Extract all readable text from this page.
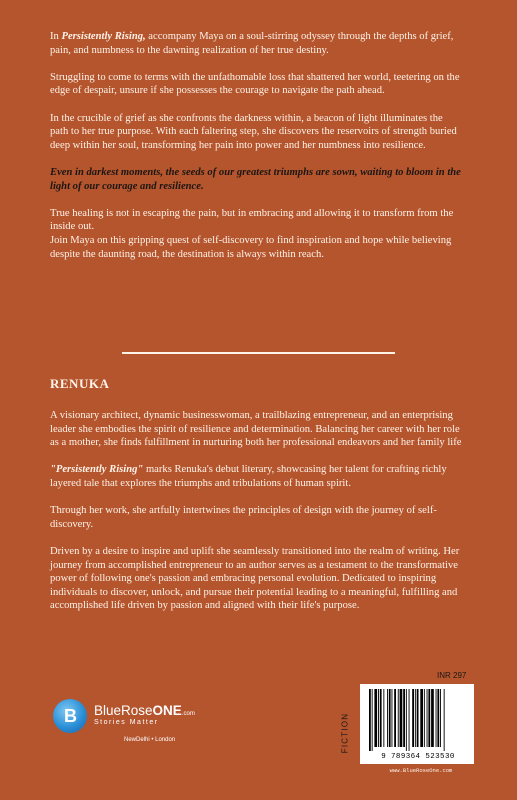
In Persistently Rising, accompany Maya on a soul-stirring odyssey through the depths of grief, pain, and numbness to the dawning realization of her true destiny.

Struggling to come to terms with the unfathomable loss that shattered her world, teetering on the edge of despair, unsure if she possesses the courage to navigate the path ahead.

In the crucible of grief as she confronts the darkness within, a beacon of light illuminates the path to her true purpose. With each faltering step, she discovers the reservoirs of strength buried deep within her soul, transforming her pain into power and her numbness into resilience.

Even in darkest moments, the seeds of our greatest triumphs are sown, waiting to bloom in the light of our courage and resilience.

True healing is not in escaping the pain, but in embracing and allowing it to transform from the inside out.

Join Maya on this gripping quest of self-discovery to find inspiration and hope while believing despite the daunting road, the destination is always within reach.

RENUKA

A visionary architect, dynamic businesswoman, a trailblazing entrepreneur, and an enterprising leader she embodies the spirit of resilience and determination. Balancing her career with her role as a mother, she finds fulfillment in nurturing both her professional endeavors and her family life

"Persistently Rising" marks Renuka's debut literary, showcasing her talent for crafting richly layered tale that explores the triumphs and tribulations of human spirit.

Through her work, she artfully intertwines the principles of design with the journey of self-discovery.

Driven by a desire to inspire and uplift she seamlessly transitioned into the realm of writing. Her journey from accomplished entrepreneur to an author serves as a testament to the transformative power of following one's passion and embracing personal evolution. Dedicated to inspiring individuals to discover, unlock, and pursue their potential leading to a meaningful, fulfilling and accomplished life driven by passion and aligned with their life's purpose.

B BlueRoseONE.com
Stories Matter
NewDelhi • London
INR 297
FICTION
9 789364 523530
www.BlueRoseOne.com
